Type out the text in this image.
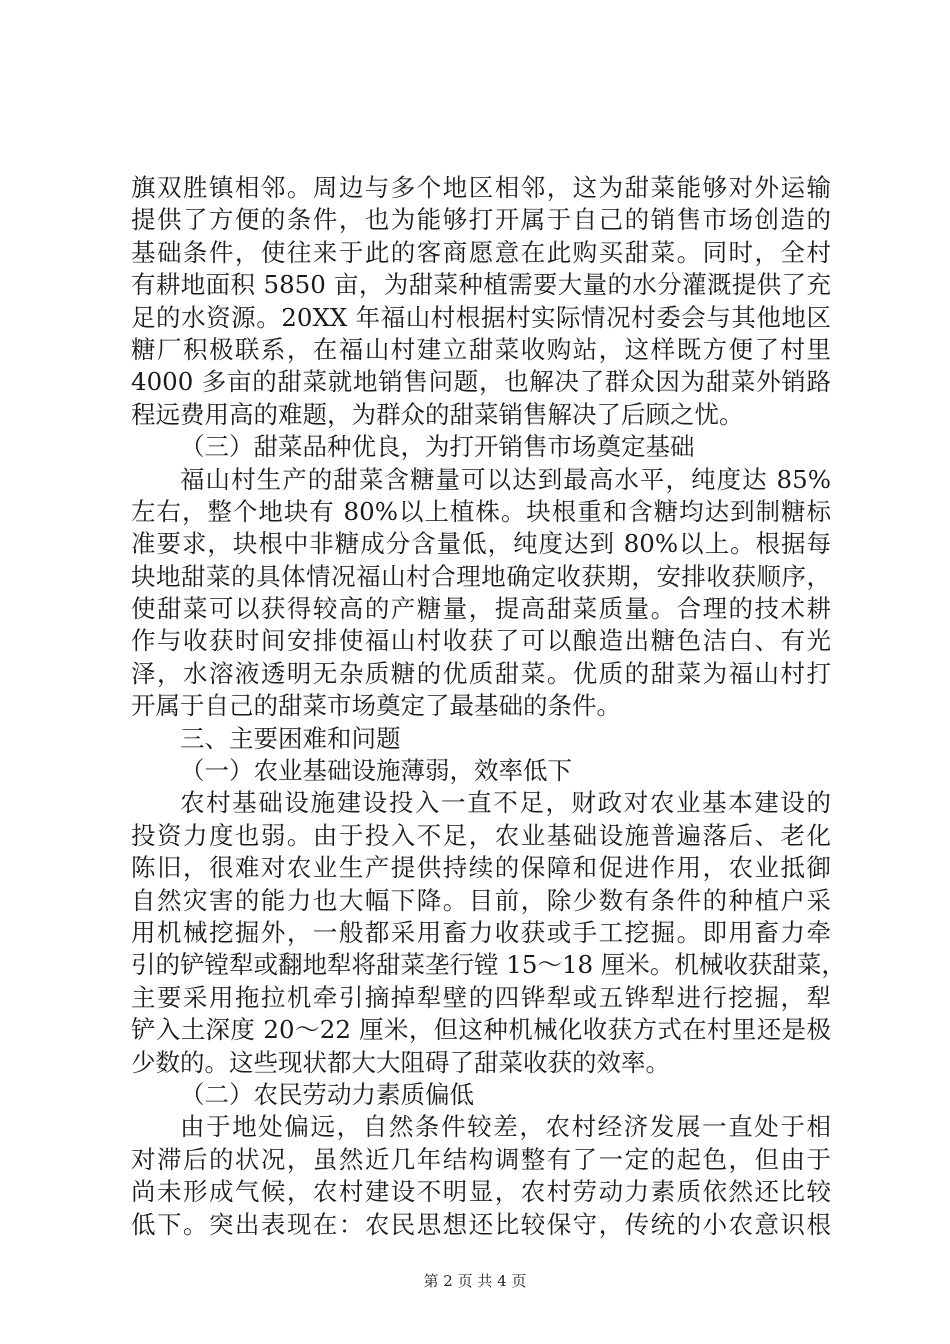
旗双胜镇相邻。周边与多个地区相邻，这为甜菜能够对外运输
提供了方便的条件，也为能够打开属于自己的销售市场创造的
基础条件，使往来于此的客商愿意在此购买甜菜。同时，全村
有耕地面积 5850 亩，为甜菜种植需要大量的水分灌溉提供了充
足的水资源。20XX 年福山村根据村实际情况村委会与其他地区
糖厂积极联系，在福山村建立甜菜收购站，这样既方便了村里
4000 多亩的甜菜就地销售问题，也解决了群众因为甜菜外销路
程远费用高的难题，为群众的甜菜销售解决了后顾之忧。
（三）甜菜品种优良，为打开销售市场奠定基础
福山村生产的甜菜含糖量可以达到最高水平，纯度达 85%
左右，整个地块有 80%以上植株。块根重和含糖均达到制糖标
准要求，块根中非糖成分含量低，纯度达到 80%以上。根据每
块地甜菜的具体情况福山村合理地确定收获期，安排收获顺序，
使甜菜可以获得较高的产糖量，提高甜菜质量。合理的技术耕
作与收获时间安排使福山村收获了可以酿造出糖色洁白、有光
泽，水溶液透明无杂质糖的优质甜菜。优质的甜菜为福山村打
开属于自己的甜菜市场奠定了最基础的条件。
三、主要困难和问题
（一）农业基础设施薄弱，效率低下
农村基础设施建设投入一直不足，财政对农业基本建设的
投资力度也弱。由于投入不足，农业基础设施普遍落后、老化
陈旧，很难对农业生产提供持续的保障和促进作用，农业抵御
自然灾害的能力也大幅下降。目前，除少数有条件的种植户采
用机械挖掘外，一般都采用畜力收获或手工挖掘。即用畜力牵
引的铲镗犁或翻地犁将甜菜垄行镗 15～18 厘米。机械收获甜菜，
主要采用拖拉机牵引摘掉犁壁的四铧犁或五铧犁进行挖掘，犁
铲入土深度 20～22 厘米，但这种机械化收获方式在村里还是极
少数的。这些现状都大大阻碍了甜菜收获的效率。
（二）农民劳动力素质偏低
由于地处偏远，自然条件较差，农村经济发展一直处于相
对滞后的状况，虽然近几年结构调整有了一定的起色，但由于
尚未形成气候，农村建设不明显，农村劳动力素质依然还比较
低下。突出表现在：农民思想还比较保守，传统的小农意识根
第 2 页 共 4 页
